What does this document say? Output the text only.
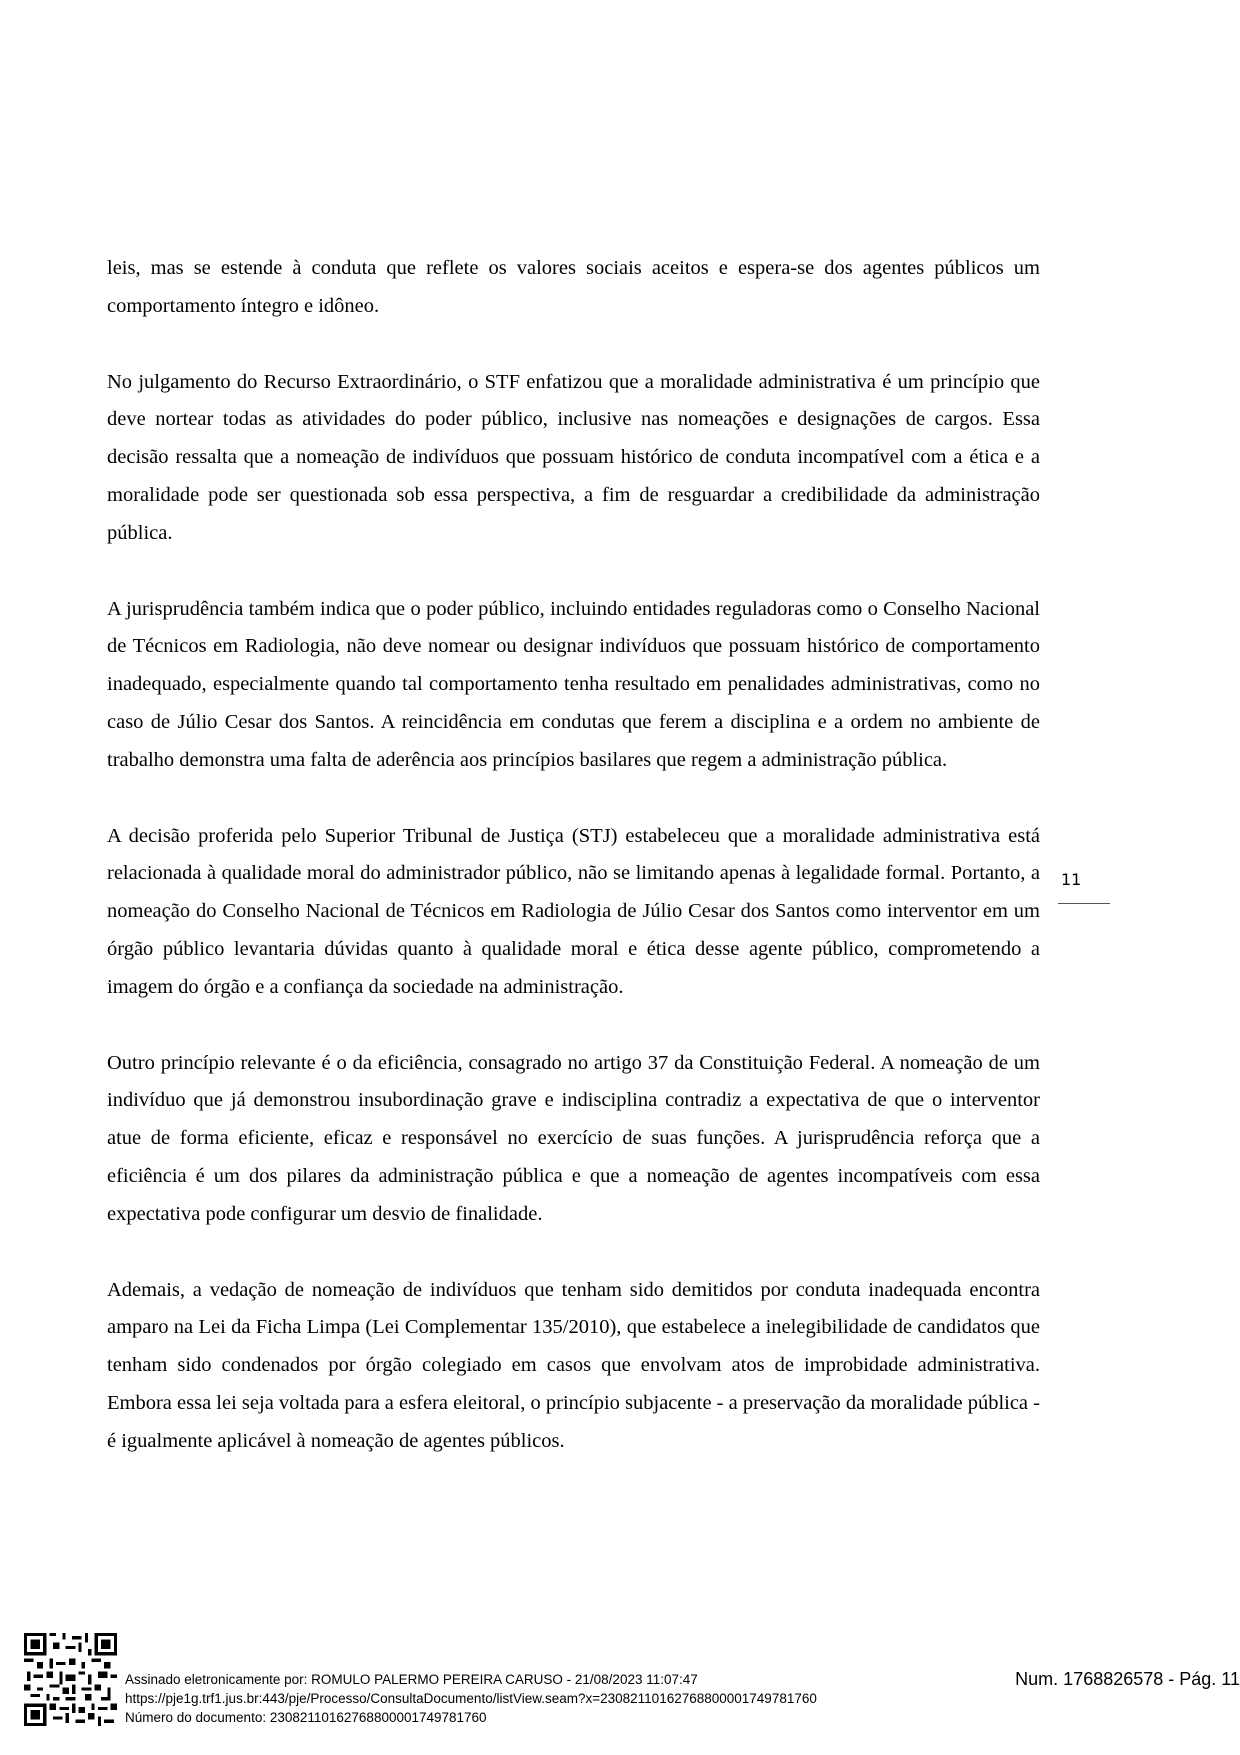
leis, mas se estende à conduta que reflete os valores sociais aceitos e espera-se dos agentes públicos um comportamento íntegro e idôneo.

No julgamento do Recurso Extraordinário, o STF enfatizou que a moralidade administrativa é um princípio que deve nortear todas as atividades do poder público, inclusive nas nomeações e designações de cargos. Essa decisão ressalta que a nomeação de indivíduos que possuam histórico de conduta incompatível com a ética e a moralidade pode ser questionada sob essa perspectiva, a fim de resguardar a credibilidade da administração pública.

A jurisprudência também indica que o poder público, incluindo entidades reguladoras como o Conselho Nacional de Técnicos em Radiologia, não deve nomear ou designar indivíduos que possuam histórico de comportamento inadequado, especialmente quando tal comportamento tenha resultado em penalidades administrativas, como no caso de Júlio Cesar dos Santos. A reincidência em condutas que ferem a disciplina e a ordem no ambiente de trabalho demonstra uma falta de aderência aos princípios basilares que regem a administração pública.

A decisão proferida pelo Superior Tribunal de Justiça (STJ) estabeleceu que a moralidade administrativa está relacionada à qualidade moral do administrador público, não se limitando apenas à legalidade formal. Portanto, a nomeação do Conselho Nacional de Técnicos em Radiologia de Júlio Cesar dos Santos como interventor em um órgão público levantaria dúvidas quanto à qualidade moral e ética desse agente público, comprometendo a imagem do órgão e a confiança da sociedade na administração.

Outro princípio relevante é o da eficiência, consagrado no artigo 37 da Constituição Federal. A nomeação de um indivíduo que já demonstrou insubordinação grave e indisciplina contradiz a expectativa de que o interventor atue de forma eficiente, eficaz e responsável no exercício de suas funções. A jurisprudência reforça que a eficiência é um dos pilares da administração pública e que a nomeação de agentes incompatíveis com essa expectativa pode configurar um desvio de finalidade.

Ademais, a vedação de nomeação de indivíduos que tenham sido demitidos por conduta inadequada encontra amparo na Lei da Ficha Limpa (Lei Complementar 135/2010), que estabelece a inelegibilidade de candidatos que tenham sido condenados por órgão colegiado em casos que envolvam atos de improbidade administrativa. Embora essa lei seja voltada para a esfera eleitoral, o princípio subjacente - a preservação da moralidade pública - é igualmente aplicável à nomeação de agentes públicos.

11
Assinado eletronicamente por: ROMULO PALERMO PEREIRA CARUSO - 21/08/2023 11:07:47
https://pje1g.trf1.jus.br:443/pje/Processo/ConsultaDocumento/listView.seam?x=23082110162768800001749781760
Número do documento: 23082110162768800001749781760
Num. 1768826578 - Pág. 11
